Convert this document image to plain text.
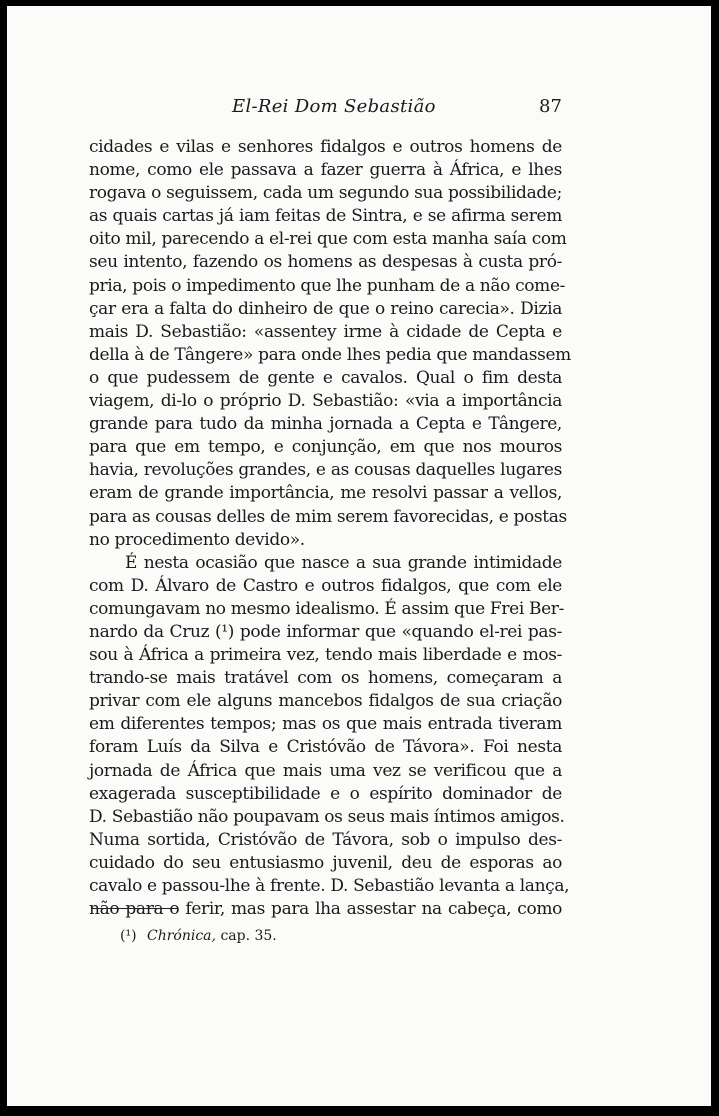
El-Rei Dom Sebastião	87
cidades e vilas e senhores fidalgos e outros homens de
nome, como ele passava a fazer guerra à África, e lhes
rogava o seguissem, cada um segundo sua possibilidade;
as quais cartas já iam feitas de Sintra, e se afirma serem
oito mil, parecendo a el-rei que com esta manha saía com
seu intento, fazendo os homens as despesas à custa pró-
pria, pois o impedimento que lhe punham de a não come-
çar era a falta do dinheiro de que o reino carecia». Dizia
mais D. Sebastião: «assentey irme à cidade de Cepta e
della à de Tângere» para onde lhes pedia que mandassem
o que pudessem de gente e cavalos. Qual o fim desta
viagem, di-lo o próprio D. Sebastião: «via a importância
grande para tudo da minha jornada a Cepta e Tângere,
para que em tempo, e conjunção, em que nos mouros
havia, revoluções grandes, e as cousas daquelles lugares
eram de grande importância, me resolvi passar a vellos,
para as cousas delles de mim serem favorecidas, e postas
no procedimento devido».
É nesta ocasião que nasce a sua grande intimidade
com D. Álvaro de Castro e outros fidalgos, que com ele
comungavam no mesmo idealismo. É assim que Frei Ber-
nardo da Cruz (¹) pode informar que «quando el-rei pas-
sou à África a primeira vez, tendo mais liberdade e mos-
trando-se mais tratável com os homens, começaram a
privar com ele alguns mancebos fidalgos de sua criação
em diferentes tempos; mas os que mais entrada tiveram
foram Luís da Silva e Cristóvão de Távora». Foi nesta
jornada de África que mais uma vez se verificou que a
exagerada susceptibilidade e o espírito dominador de
D. Sebastião não poupavam os seus mais íntimos amigos.
Numa sortida, Cristóvão de Távora, sob o impulso des-
cuidado do seu entusiasmo juvenil, deu de esporas ao
cavalo e passou-lhe à frente. D. Sebastião levanta a lança,
não para o ferir, mas para lha assestar na cabeça, como
(¹) Chrónica, cap. 35.
